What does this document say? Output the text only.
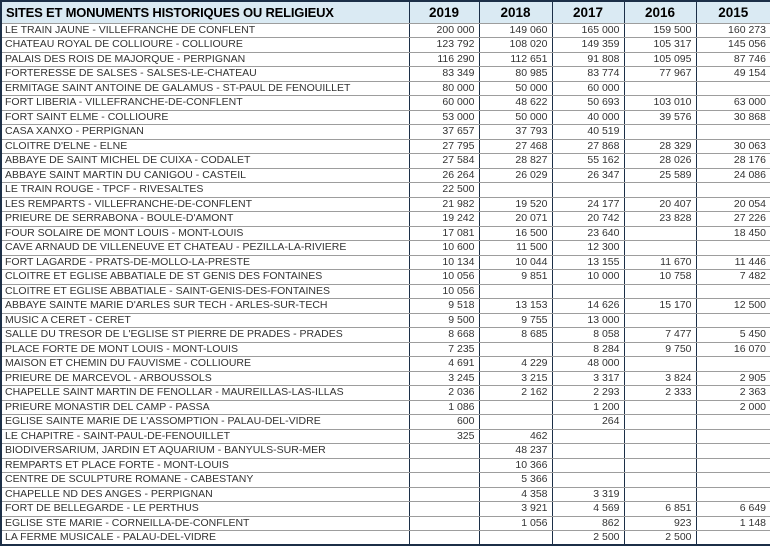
SITES ET MONUMENTS HISTORIQUES OU RELIGIEUX	2019	2018	2017	2016	2015
LE TRAIN JAUNE - VILLEFRANCHE DE CONFLENT	200 000	149 060	165 000	159 500	160 273
CHATEAU ROYAL DE COLLIOURE - COLLIOURE	123 792	108 020	149 359	105 317	145 056
PALAIS DES ROIS DE MAJORQUE - PERPIGNAN	116 290	112 651	91 808	105 095	87 746
FORTERESSE DE SALSES - SALSES-LE-CHATEAU	83 349	80 985	83 774	77 967	49 154
ERMITAGE SAINT ANTOINE DE GALAMUS - ST-PAUL DE FENOUILLET	80 000	50 000	60 000		
FORT LIBERIA - VILLEFRANCHE-DE-CONFLENT	60 000	48 622	50 693	103 010	63 000
FORT SAINT ELME - COLLIOURE	53 000	50 000	40 000	39 576	30 868
CASA XANXO - PERPIGNAN	37 657	37 793	40 519		
CLOITRE D'ELNE - ELNE	27 795	27 468	27 868	28 329	30 063
ABBAYE DE SAINT MICHEL DE CUIXA - CODALET	27 584	28 827	55 162	28 026	28 176
ABBAYE SAINT MARTIN DU CANIGOU - CASTEIL	26 264	26 029	26 347	25 589	24 086
LE TRAIN ROUGE - TPCF - RIVESALTES	22 500				
LES REMPARTS - VILLEFRANCHE-DE-CONFLENT	21 982	19 520	24 177	20 407	20 054
PRIEURE DE SERRABONA - BOULE-D'AMONT	19 242	20 071	20 742	23 828	27 226
FOUR SOLAIRE DE MONT LOUIS - MONT-LOUIS	17 081	16 500	23 640		18 450
CAVE ARNAUD DE VILLENEUVE ET CHATEAU - PEZILLA-LA-RIVIERE	10 600	11 500	12 300		
FORT LAGARDE - PRATS-DE-MOLLO-LA-PRESTE	10 134	10 044	13 155	11 670	11 446
CLOITRE ET EGLISE ABBATIALE DE ST GENIS DES FONTAINES	10 056	9 851	10 000	10 758	7 482
CLOITRE ET EGLISE ABBATIALE - SAINT-GENIS-DES-FONTAINES	10 056				
ABBAYE SAINTE MARIE D'ARLES SUR TECH - ARLES-SUR-TECH	9 518	13 153	14 626	15 170	12 500
MUSIC A CERET - CERET	9 500	9 755	13 000		
SALLE DU TRESOR DE L'EGLISE ST PIERRE DE PRADES - PRADES	8 668	8 685	8 058	7 477	5 450
PLACE FORTE DE MONT LOUIS - MONT-LOUIS	7 235		8 284	9 750	16 070
MAISON ET CHEMIN DU FAUVISME - COLLIOURE	4 691	4 229	48 000		
PRIEURE DE MARCEVOL - ARBOUSSOLS	3 245	3 215	3 317	3 824	2 905
CHAPELLE SAINT MARTIN DE FENOLLAR - MAUREILLAS-LAS-ILLAS	2 036	2 162	2 293	2 333	2 363
PRIEURE MONASTIR DEL CAMP - PASSA	1 086		1 200		2 000
EGLISE SAINTE MARIE DE L'ASSOMPTION - PALAU-DEL-VIDRE	600		264		
LE CHAPITRE - SAINT-PAUL-DE-FENOUILLET	325	462			
BIODIVERSARIUM, JARDIN ET AQUARIUM - BANYULS-SUR-MER		48 237			
REMPARTS ET PLACE FORTE - MONT-LOUIS		10 366			
CENTRE DE SCULPTURE ROMANE - CABESTANY		5 366			
CHAPELLE ND DES ANGES - PERPIGNAN		4 358	3 319		
FORT DE BELLEGARDE - LE PERTHUS		3 921	4 569	6 851	6 649
EGLISE STE MARIE - CORNEILLA-DE-CONFLENT		1 056	862	923	1 148
LA FERME MUSICALE - PALAU-DEL-VIDRE			2 500	2 500	
